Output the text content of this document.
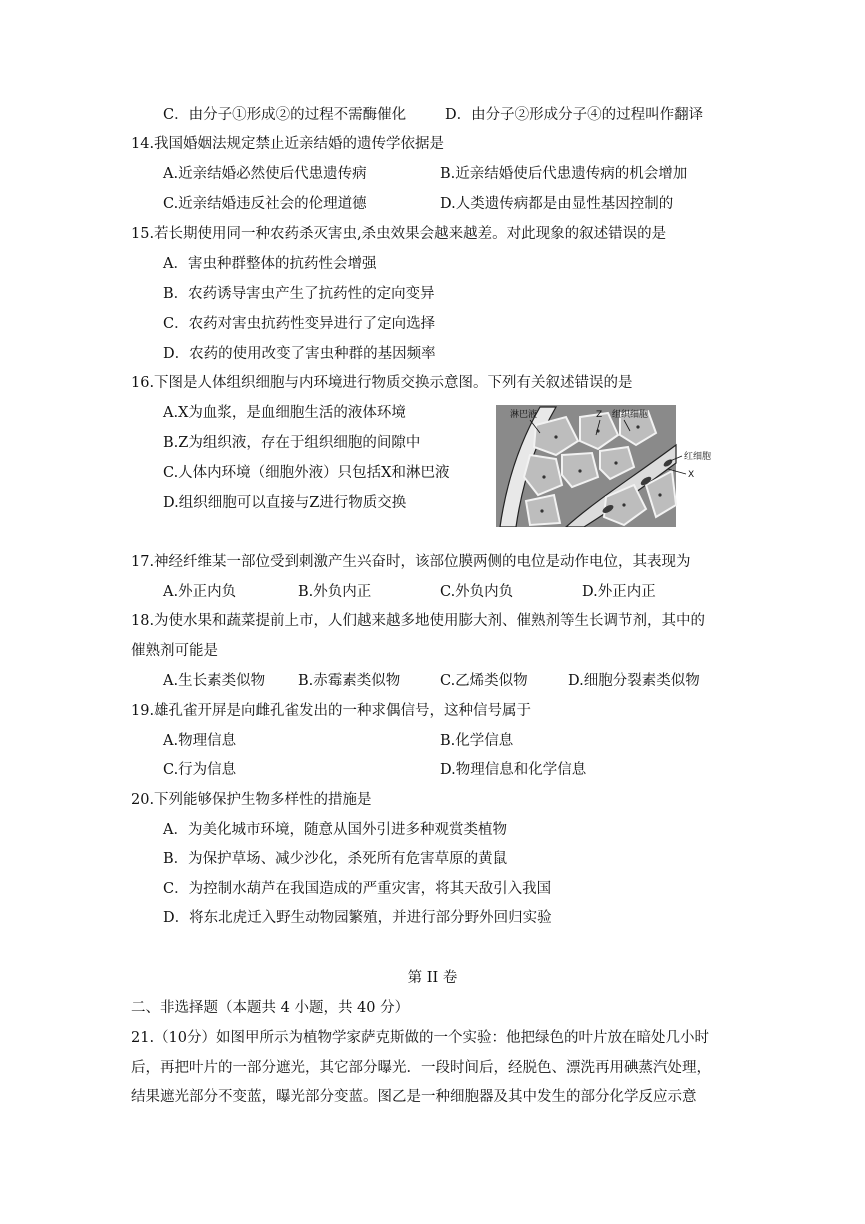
C．由分子①形成②的过程不需酶催化	D．由分子②形成分子④的过程叫作翻译
14.我国婚姻法规定禁止近亲结婚的遗传学依据是
A.近亲结婚必然使后代患遗传病	B.近亲结婚使后代患遗传病的机会增加
C.近亲结婚违反社会的伦理道德	D.人类遗传病都是由显性基因控制的
15.若长期使用同一种农药杀灭害虫,杀虫效果会越来越差。对此现象的叙述错误的是
A．害虫种群整体的抗药性会增强
B．农药诱导害虫产生了抗药性的定向变异
C．农药对害虫抗药性变异进行了定向选择
D．农药的使用改变了害虫种群的基因频率
16.下图是人体组织细胞与内环境进行物质交换示意图。下列有关叙述错误的是
A.X为血浆，是血细胞生活的液体环境
B.Z为组织液，存在于组织细胞的间隙中
C.人体内环境（细胞外液）只包括X和淋巴液
D.组织细胞可以直接与Z进行物质交换
淋巴液	Z 组织细胞
红细胞
X
17.神经纤维某一部位受到刺激产生兴奋时，该部位膜两侧的电位是动作电位，其表现为
A.外正内负	B.外负内正	C.外负内负	D.外正内正
18.为使水果和蔬菜提前上市，人们越来越多地使用膨大剂、催熟剂等生长调节剂，其中的
催熟剂可能是
A.生长素类似物 B.赤霉素类似物	C.乙烯类似物	D.细胞分裂素类似物
19.雄孔雀开屏是向雌孔雀发出的一种求偶信号，这种信号属于
A.物理信息	B.化学信息
C.行为信息	D.物理信息和化学信息
20.下列能够保护生物多样性的措施是
A．为美化城市环境，随意从国外引进多种观赏类植物
B．为保护草场、减少沙化，杀死所有危害草原的黄鼠
C．为控制水葫芦在我国造成的严重灾害，将其天敌引入我国
D．将东北虎迁入野生动物园繁殖，并进行部分野外回归实验
第 II 卷
二、非选择题（本题共 4 小题，共 40 分）
21.（10分）如图甲所示为植物学家萨克斯做的一个实验：他把绿色的叶片放在暗处几小时
后，再把叶片的一部分遮光，其它部分曝光．一段时间后，经脱色、漂洗再用碘蒸汽处理，
结果遮光部分不变蓝，曝光部分变蓝。图乙是一种细胞器及其中发生的部分化学反应示意
